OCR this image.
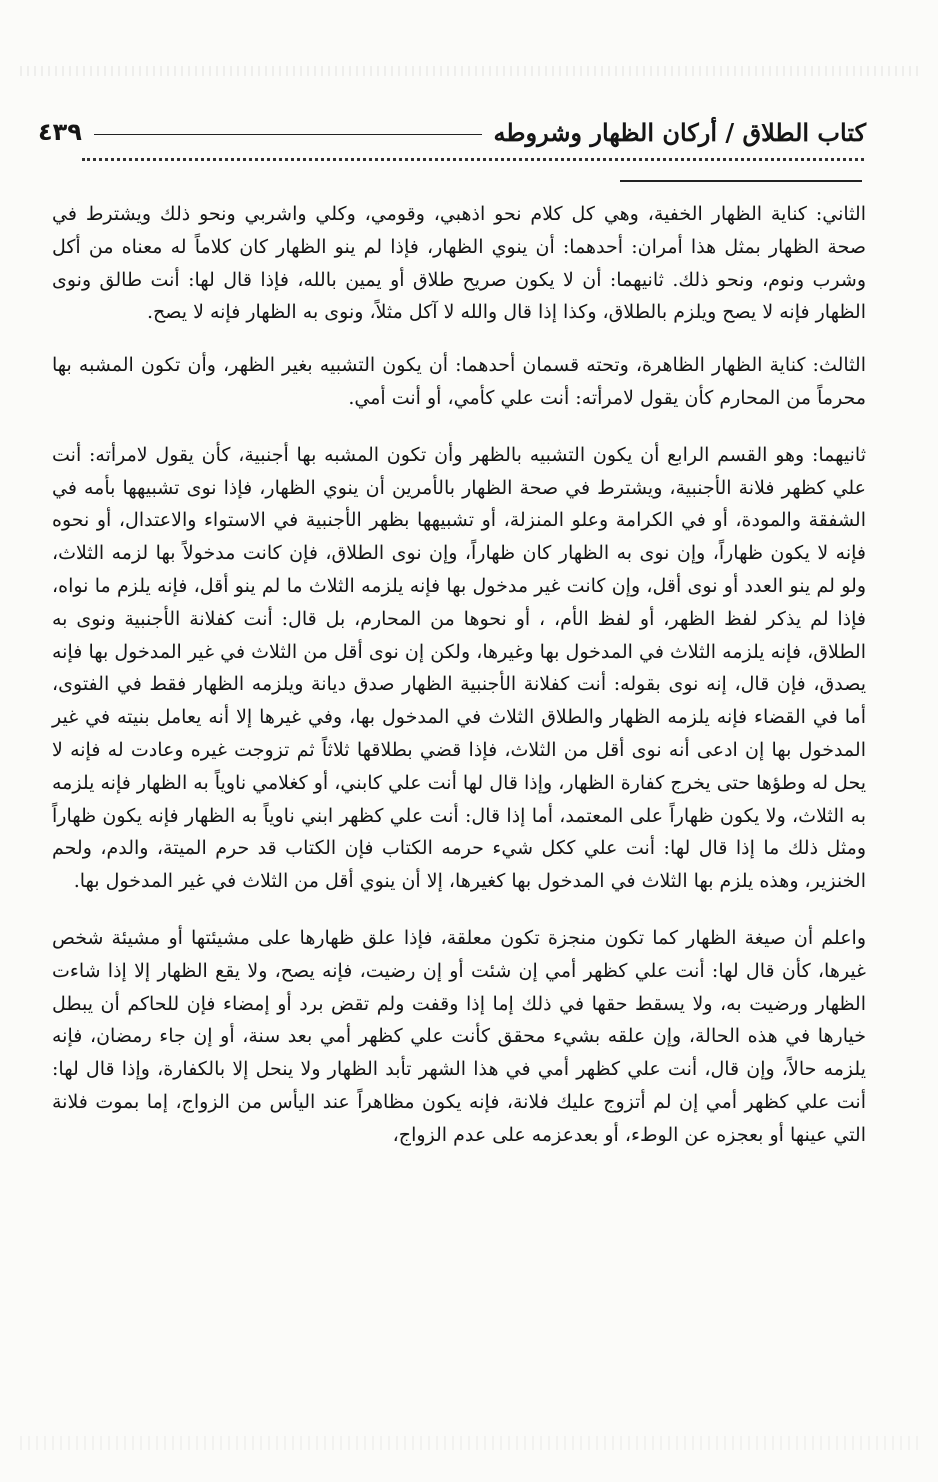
كتاب الطلاق / أركان الظهار وشروطه
٤٣٩

الثاني: كناية الظهار الخفية، وهي كل كلام نحو اذهبي، وقومي، وكلي واشربي ونحو ذلك ويشترط في صحة الظهار بمثل هذا أمران: أحدهما: أن ينوي الظهار، فإذا لم ينو الظهار كان كلاماً له معناه من أكل وشرب ونوم، ونحو ذلك. ثانيهما: أن لا يكون صريح طلاق أو يمين بالله، فإذا قال لها: أنت طالق ونوى الظهار فإنه لا يصح ويلزم بالطلاق، وكذا إذا قال والله لا آكل مثلاً، ونوى به الظهار فإنه لا يصح.

الثالث: كناية الظهار الظاهرة، وتحته قسمان أحدهما: أن يكون التشبيه بغير الظهر، وأن تكون المشبه بها محرماً من المحارم كأن يقول لامرأته: أنت علي كأمي، أو أنت أمي.

ثانيهما: وهو القسم الرابع أن يكون التشبيه بالظهر وأن تكون المشبه بها أجنبية، كأن يقول لامرأته: أنت علي كظهر فلانة الأجنبية، ويشترط في صحة الظهار بالأمرين أن ينوي الظهار، فإذا نوى تشبيهها بأمه في الشفقة والمودة، أو في الكرامة وعلو المنزلة، أو تشبيهها بظهر الأجنبية في الاستواء والاعتدال، أو نحوه فإنه لا يكون ظهاراً، وإن نوى به الظهار كان ظهاراً، وإن نوى الطلاق، فإن كانت مدخولاً بها لزمه الثلاث، ولو لم ينو العدد أو نوى أقل، وإن كانت غير مدخول بها فإنه يلزمه الثلاث ما لم ينو أقل، فإنه يلزم ما نواه، فإذا لم يذكر لفظ الظهر، أو لفظ الأم، ، أو نحوها من المحارم، بل قال: أنت كفلانة الأجنبية ونوى به الطلاق، فإنه يلزمه الثلاث في المدخول بها وغيرها، ولكن إن نوى أقل من الثلاث في غير المدخول بها فإنه يصدق، فإن قال، إنه نوى بقوله: أنت كفلانة الأجنبية الظهار صدق ديانة ويلزمه الظهار فقط في الفتوى، أما في القضاء فإنه يلزمه الظهار والطلاق الثلاث في المدخول بها، وفي غيرها إلا أنه يعامل بنيته في غير المدخول بها إن ادعى أنه نوى أقل من الثلاث، فإذا قضي بطلاقها ثلاثاً ثم تزوجت غيره وعادت له فإنه لا يحل له وطؤها حتى يخرج كفارة الظهار، وإذا قال لها أنت علي كابني، أو كغلامي ناوياً به الظهار فإنه يلزمه به الثلاث، ولا يكون ظهاراً على المعتمد، أما إذا قال: أنت علي كظهر ابني ناوياً به الظهار فإنه يكون ظهاراً ومثل ذلك ما إذا قال لها: أنت علي ككل شيء حرمه الكتاب فإن الكتاب قد حرم الميتة، والدم، ولحم الخنزير، وهذه يلزم بها الثلاث في المدخول بها كغيرها، إلا أن ينوي أقل من الثلاث في غير المدخول بها.

واعلم أن صيغة الظهار كما تكون منجزة تكون معلقة، فإذا علق ظهارها على مشيئتها أو مشيئة شخص غيرها، كأن قال لها: أنت علي كظهر أمي إن شئت أو إن رضيت، فإنه يصح، ولا يقع الظهار إلا إذا شاءت الظهار ورضيت به، ولا يسقط حقها في ذلك إما إذا وقفت ولم تقض برد أو إمضاء فإن للحاكم أن يبطل خيارها في هذه الحالة، وإن علقه بشيء محقق كأنت علي كظهر أمي بعد سنة، أو إن جاء رمضان، فإنه يلزمه حالاً، وإن قال، أنت علي كظهر أمي في هذا الشهر تأبد الظهار ولا ينحل إلا بالكفارة، وإذا قال لها: أنت علي كظهر أمي إن لم أتزوج عليك فلانة، فإنه يكون مظاهراً عند اليأس من الزواج، إما بموت فلانة التي عينها أو بعجزه عن الوطء، أو بعدعزمه على عدم الزواج،
